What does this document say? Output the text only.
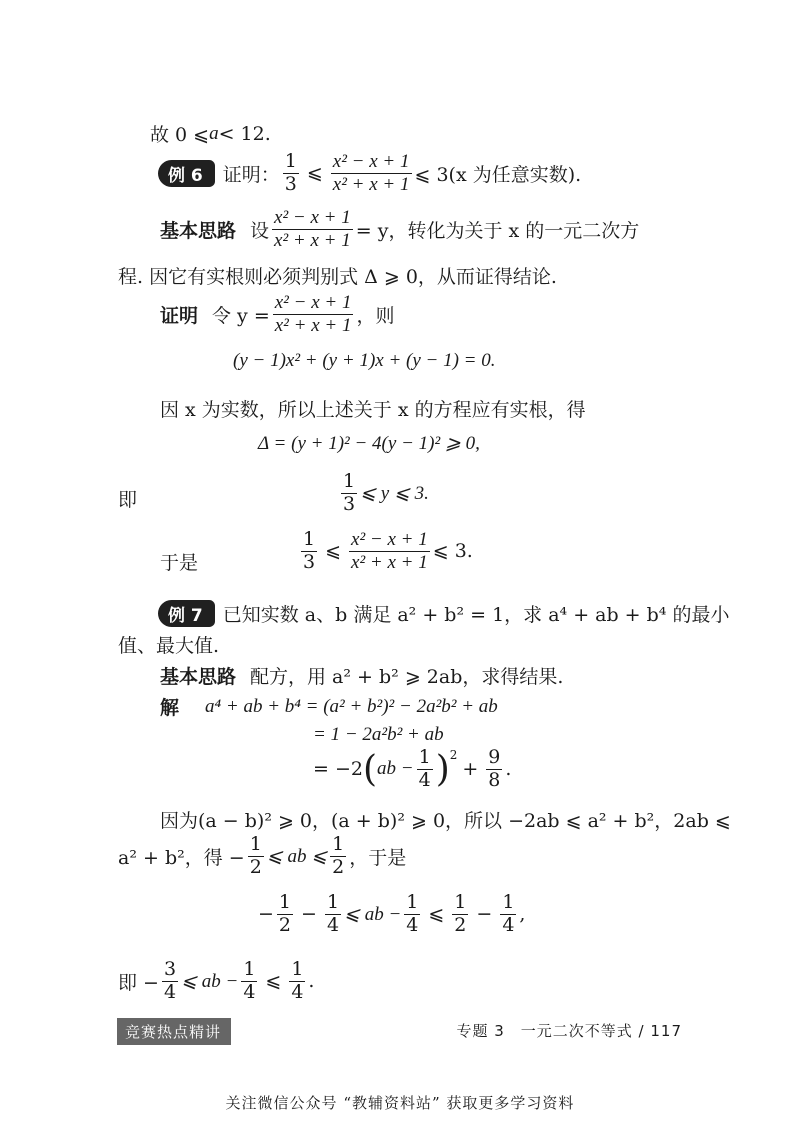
故 0 ⩽ a < 12.
例 6	证明： $\frac{1}{3}$ ⩽ $\frac{\text{x² − x + 1}}{\text{x² + x + 1}}$ ⩽ 3(x 为任意实数).
基本思路 设 $\frac{\text{x² − x + 1}}{\text{x² + x + 1}} = y$，转化为关于 x 的一元二次方
程. 因它有实根则必须判别式 Δ ⩾ 0，从而证得结论.
证明 令 $y = \frac{\text{x² − x + 1}}{\text{x² + x + 1}}$ ，则
(y − 1)x² + (y + 1)x + (y − 1) = 0.
因 x 为实数，所以上述关于 x 的方程应有实根，得
Δ = (y + 1)² − 4(y − 1)² ⩾ 0,
即	$\frac{1}{3}$ ⩽ y ⩽ 3.
于是	$\frac{1}{3}$ ⩽ $\frac{\text{x² − x + 1}}{\text{x² + x + 1}}$ ⩽ 3.
例 7	已知实数 a、b 满足 a² + b² = 1，求 a⁴ + ab + b⁴ 的最小
值、最大值.
基本思路 配方，用 a² + b² ⩾ 2ab，求得结果.
解 a⁴ + ab + b⁴ = (a² + b²)² − 2a²b² + ab
= 1 − 2a²b² + ab
= −2 ( ab − $\frac{1}{4} )^2$
+ $\frac{9}{8}$ .
因为(a − b)² ⩾ 0，(a + b)² ⩾ 0，所以 −2ab ⩽ a² + b²，2ab ⩽
a² + b²，得 − $\frac{1}{2}$ ⩽ ab ⩽ $\frac{1}{2}$ ，于是
− $\frac{1}{2} - \frac{1}{4}$ ⩽ ab − $\frac{1}{4}$ ⩽ $\frac{1}{2} - \frac{1}{4}$ ,
即 − $\frac{3}{4}$ ⩽ ab − $\frac{1}{4}$ ⩽ $\frac{1}{4}$ .
竞赛热点精讲	专题 3　一元二次不等式 / 117
关注微信公众号 “教辅资料站” 获取更多学习资料
